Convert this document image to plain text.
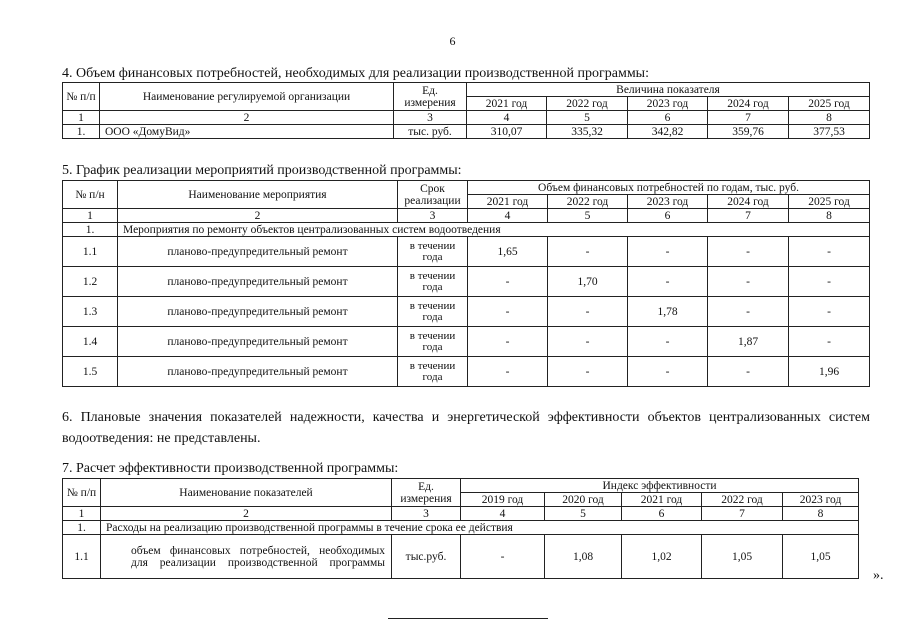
6
4. Объем финансовых потребностей, необходимых для реализации производственной программы:
№ п/п	Наименование регулируемой организации	Ед. измерения	Величина показателя				
			2021 год	2022 год	2023 год	2024 год	2025 год
1	2	3	4	5	6	7	8
1.	ООО «ДомуВид»	тыс. руб.	310,07	335,32	342,82	359,76	377,53
5. График реализации мероприятий производственной программы:
№ п/н	Наименование мероприятия	Срок реализации	Объем финансовых потребностей по годам, тыс. руб.				
			2021 год	2022 год	2023 год	2024 год	2025 год
1	2	3	4	5	6	7	8
1.	Мероприятия по ремонту объектов централизованных систем водоотведения						
1.1	планово-предупредительный ремонт	в течении года	1,65	-	-	-	-
1.2	планово-предупредительный ремонт	в течении года	-	1,70	-	-	-
1.3	планово-предупредительный ремонт	в течении года	-	-	1,78	-	-
1.4	планово-предупредительный ремонт	в течении года	-	-	-	1,87	-
1.5	планово-предупредительный ремонт	в течении года	-	-	-	-	1,96
6. Плановые значения показателей надежности, качества и энергетической эффективности объектов централизованных систем водоотведения: не представлены.
7. Расчет эффективности производственной программы:
№ п/п	Наименование показателей	Ед. измерения	Индекс эффективности				
			2019 год	2020 год	2021 год	2022 год	2023 год
1	2	3	4	5	6	7	8
1.	Расходы на реализацию производственной программы в течение срока ее действия						
1.1	объем финансовых потребностей, необходимых для реализации производственной программы	тыс.руб.	-	1,08	1,02	1,05	1,05
».
